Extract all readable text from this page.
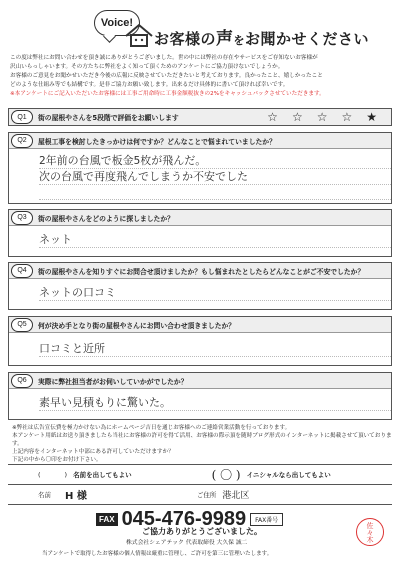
Voice!
お客様の声をお聞かせください
この度は弊社にお問い合わせを頂き誠にありがとうございました。世の中には弊社の存在やサービスをご存知ないお客様が
沢山いらっしゃいます。その方たちに弊社をよく知って頂くためのアンケートにご協力頂けないでしょうか。
お客様のご意見をお聞かせいただき今後の広報に反映させていただきたいと考えております。良かったこと、嬉しかったこと
どのような仕組み等でも結構です。是非ご協力お願い致します。出来るだけ具体的に書いて頂ければ幸いです。
※本アンケートにご記入いただいたお客様には工事ご用命時に工事金額税抜きの2%をキャッシュバックさせていただきます。
Q1	街の屋根やさんを5段階で評価をお願いします	☆ ☆ ☆ ☆ ★
Q2	屋根工事を検討したきっかけは何ですか？どんなことで悩まれていましたか？
2年前の台風で板金5枚が飛んだ。
次の台風で再度飛んでしまうか不安でした
Q3	街の屋根やさんをどのように探しましたか？
ネット
Q4	街の屋根やさんを知りすぐにお問合せ頂けましたか？もし悩まれたとしたらどんなことがご不安でしたか？
ネットの口コミ
Q5	何が決め手となり街の屋根やさんにお問い合わせ頂きましたか？
口コミと近所
Q6	実際に弊社担当者がお伺いしていかがでしたか？
素早い見積もりに驚いた。
※弊社は広告宣伝費を極力かけない為にホームページ吉日を通じお客様へのご連絡営業活動を行っております。
本アンケート用紙はお送り頂きましたら当社にお客様の許可を得て活用、お客様の際示頂を随時ブログ形式のインターネットに掲載させて頂いております。
上記内容をインターネット中部にある許可していただけますか？
下記の中から〇印をお付け下さい。
(	) 名前を出してもよい	( 〇 ) イニシャルなら出してもよい
名前 H 様	ご住所 港北区
FAX 045-476-9989	FAX番号
ご協力ありがとうございました。
株式会社シェアテック 代表取締役 大久保 誠二
当アンケートで取得したお客様の個人情報は厳重に管理し、ご許可を第三に管理いたします。
佐々木
